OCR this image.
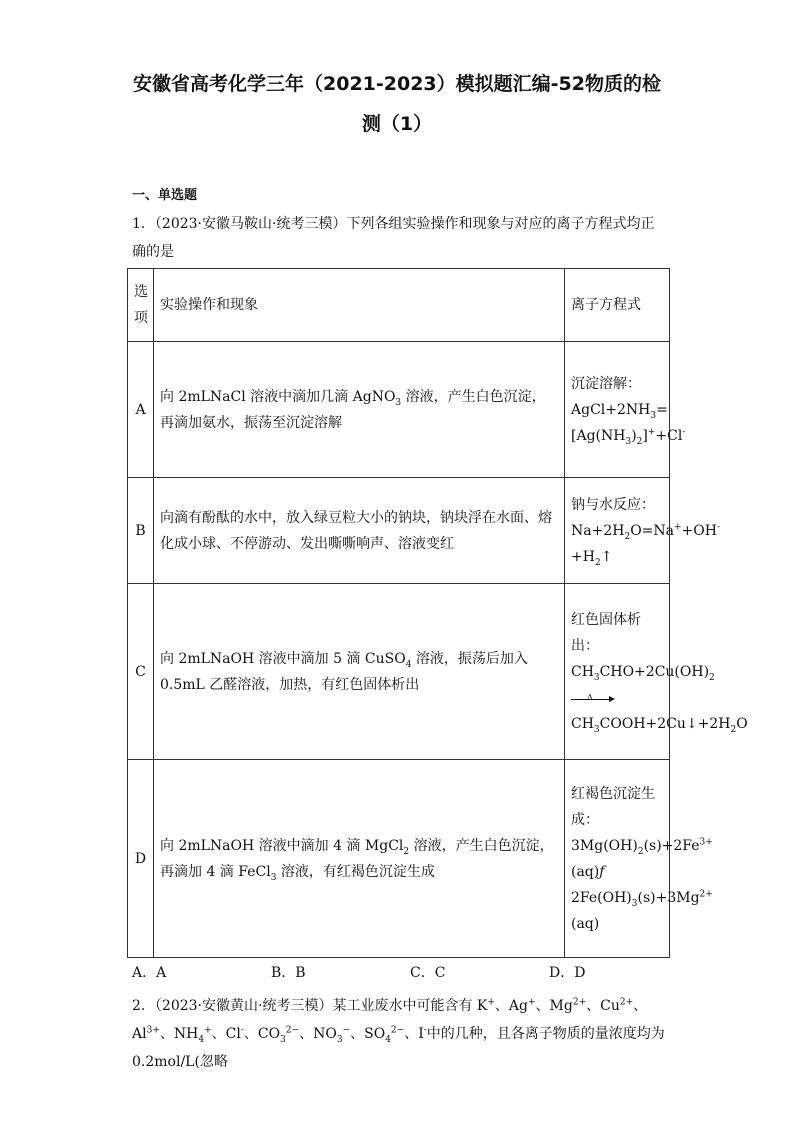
安徽省高考化学三年（2021-2023）模拟题汇编-52物质的检
测（1）
一、单选题
1．（2023·安徽马鞍山·统考三模）下列各组实验操作和现象与对应的离子方程式均正确的是
选项	实验操作和现象	离子方程式
A	向 2mLNaCl 溶液中滴加几滴 AgNO$_3$ 溶液，产生白色沉淀，再滴加氨水，振荡至沉淀溶解	沉淀溶解：
$AgCl+2NH_3=[Ag(NH_3)_2]^++Cl^-$
B	向滴有酚酞的水中，放入绿豆粒大小的钠块，钠块浮在水面、熔化成小球、不停游动、发出嘶嘶响声、溶液变红	钠与水反应：
$Na+2H_2O=Na^++OH^-+H_2↑$
C	向 2mLNaOH 溶液中滴加 5 滴 CuSO$_4$ 溶液，振荡后加入 0.5mL 乙醛溶液，加热，有红色固体析出	红色固体析出：
$CH_3CHO+2Cu(OH)_2$
Δ
$CH_3COOH+2Cu↓+2H_2O$
D	向 2mLNaOH 溶液中滴加 4 滴 MgCl$_2$ 溶液，产生白色沉淀，再滴加 4 滴 FeCl$_3$ 溶液，有红褐色沉淀生成	红褐色沉淀生成：
$3Mg(OH)_2(s)+2Fe^{3+}(aq)ƒ$
$2Fe(OH)_3(s)+3Mg^{2+}(aq)$
A．A	B．B	C．C	D．D
2．（2023·安徽黄山·统考三模）某工业废水中可能含有 K+、Ag+、$Mg^{2+}$、$Cu^{2+}$、$Al^{3+}$、$NH_4^+$、Cl-、$CO_3^{2-}$、$NO_3^-$、$SO_4^{2-}$、I-中的几种，且各离子物质的量浓度均为 0.2mol/L(忽略
